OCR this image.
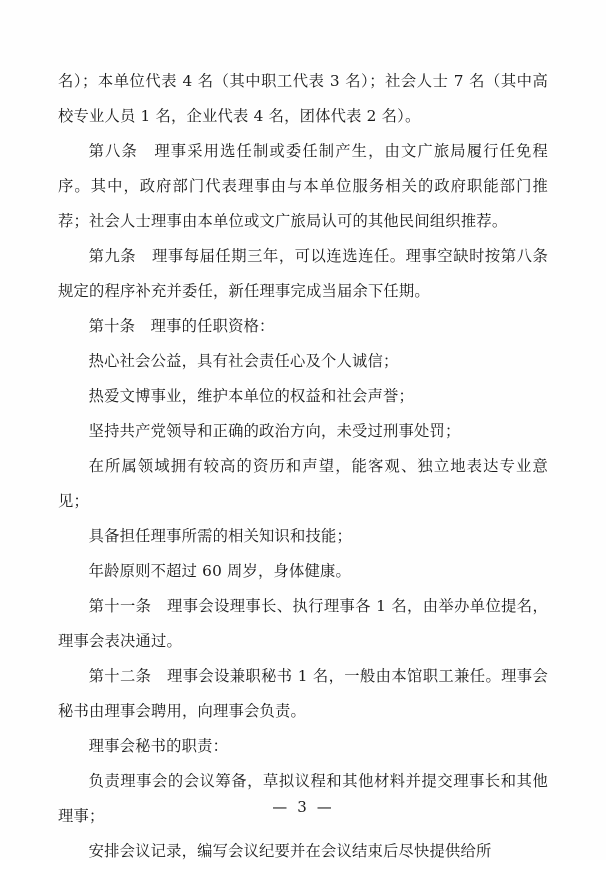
名）；本单位代表 4 名（其中职工代表 3 名）；社会人士 7 名（其中高校专业人员 1 名，企业代表 4 名，团体代表 2 名）。

第八条　理事采用选任制或委任制产生，由文广旅局履行任免程序。其中，政府部门代表理事由与本单位服务相关的政府职能部门推荐；社会人士理事由本单位或文广旅局认可的其他民间组织推荐。

第九条　理事每届任期三年，可以连选连任。理事空缺时按第八条规定的程序补充并委任，新任理事完成当届余下任期。

第十条　理事的任职资格：

热心社会公益，具有社会责任心及个人诚信；

热爱文博事业，维护本单位的权益和社会声誉；

坚持共产党领导和正确的政治方向，未受过刑事处罚；

在所属领域拥有较高的资历和声望，能客观、独立地表达专业意见；

具备担任理事所需的相关知识和技能；

年龄原则不超过 60 周岁，身体健康。

第十一条　理事会设理事长、执行理事各 1 名，由举办单位提名，理事会表决通过。

第十二条　理事会设兼职秘书 1 名，一般由本馆职工兼任。理事会秘书由理事会聘用，向理事会负责。

理事会秘书的职责：

负责理事会的会议筹备，草拟议程和其他材料并提交理事长和其他理事；

安排会议记录，编写会议纪要并在会议结束后尽快提供给所

— 3 —
